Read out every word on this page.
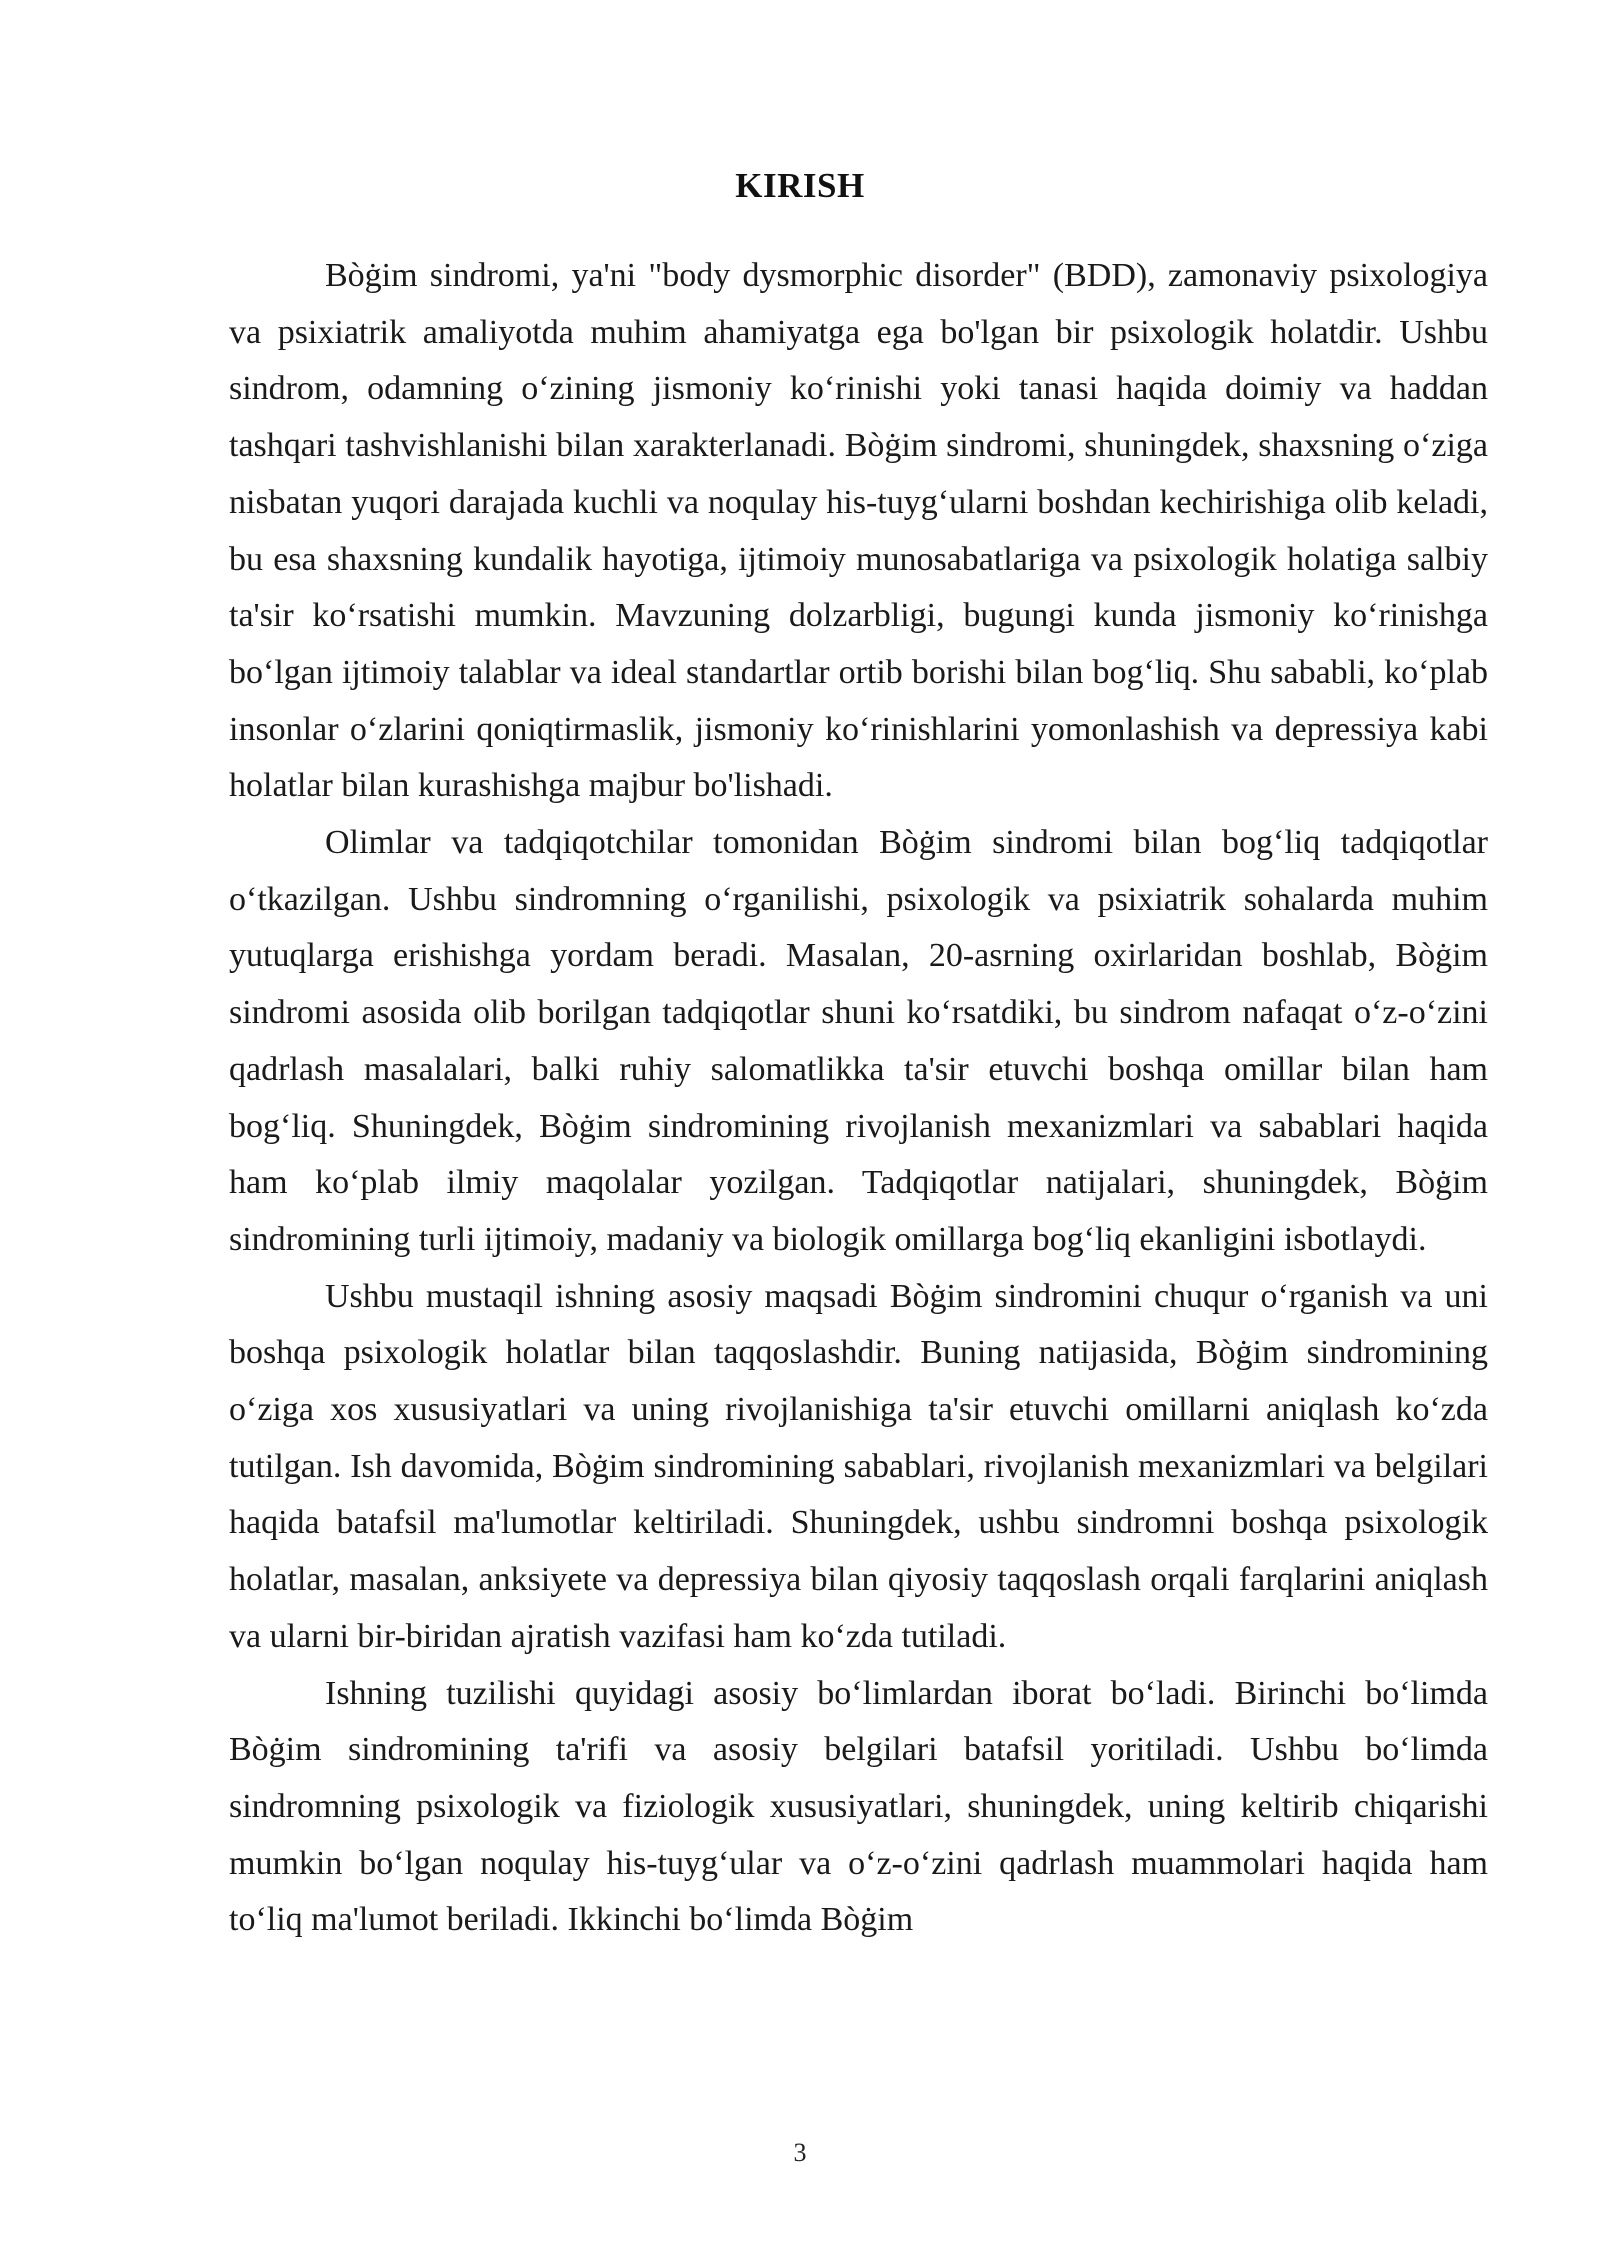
KIRISH

Bòġim sindromi, ya'ni "body dysmorphic disorder" (BDD), zamonaviy psixologiya va psixiatrik amaliyotda muhim ahamiyatga ega bo'lgan bir psixologik holatdir. Ushbu sindrom, odamning o‘zining jismoniy ko‘rinishi yoki tanasi haqida doimiy va haddan tashqari tashvishlanishi bilan xarakterlanadi. Bòġim sindromi, shuningdek, shaxsning o‘ziga nisbatan yuqori darajada kuchli va noqulay his-tuyg‘ularni boshdan kechirishiga olib keladi, bu esa shaxsning kundalik hayotiga, ijtimoiy munosabatlariga va psixologik holatiga salbiy ta'sir ko‘rsatishi mumkin. Mavzuning dolzarbligi, bugungi kunda jismoniy ko‘rinishga bo‘lgan ijtimoiy talablar va ideal standartlar ortib borishi bilan bog‘liq. Shu sababli, ko‘plab insonlar o‘zlarini qoniqtirmaslik, jismoniy ko‘rinishlarini yomonlashish va depressiya kabi holatlar bilan kurashishga majbur bo'lishadi.

Olimlar va tadqiqotchilar tomonidan Bòġim sindromi bilan bog‘liq tadqiqotlar o‘tkazilgan. Ushbu sindromning o‘rganilishi, psixologik va psixiatrik sohalarda muhim yutuqlarga erishishga yordam beradi. Masalan, 20-asrning oxirlaridan boshlab, Bòġim sindromi asosida olib borilgan tadqiqotlar shuni ko‘rsatdiki, bu sindrom nafaqat o‘z-o‘zini qadrlash masalalari, balki ruhiy salomatlikka ta'sir etuvchi boshqa omillar bilan ham bog‘liq. Shuningdek, Bòġim sindromining rivojlanish mexanizmlari va sabablari haqida ham ko‘plab ilmiy maqolalar yozilgan. Tadqiqotlar natijalari, shuningdek, Bòġim sindromining turli ijtimoiy, madaniy va biologik omillarga bog‘liq ekanligini isbotlaydi.

Ushbu mustaqil ishning asosiy maqsadi Bòġim sindromini chuqur o‘rganish va uni boshqa psixologik holatlar bilan taqqoslashdir. Buning natijasida, Bòġim sindromining o‘ziga xos xususiyatlari va uning rivojlanishiga ta'sir etuvchi omillarni aniqlash ko‘zda tutilgan. Ish davomida, Bòġim sindromining sabablari, rivojlanish mexanizmlari va belgilari haqida batafsil ma'lumotlar keltiriladi. Shuningdek, ushbu sindromni boshqa psixologik holatlar, masalan, anksiyete va depressiya bilan qiyosiy taqqoslash orqali farqlarini aniqlash va ularni bir-biridan ajratish vazifasi ham ko‘zda tutiladi.

Ishning tuzilishi quyidagi asosiy bo‘limlardan iborat bo‘ladi. Birinchi bo‘limda Bòġim sindromining ta'rifi va asosiy belgilari batafsil yoritiladi. Ushbu bo‘limda sindromning psixologik va fiziologik xususiyatlari, shuningdek, uning keltirib chiqarishi mumkin bo‘lgan noqulay his-tuyg‘ular va o‘z-o‘zini qadrlash muammolari haqida ham to‘liq ma'lumot beriladi. Ikkinchi bo‘limda Bòġim

3
